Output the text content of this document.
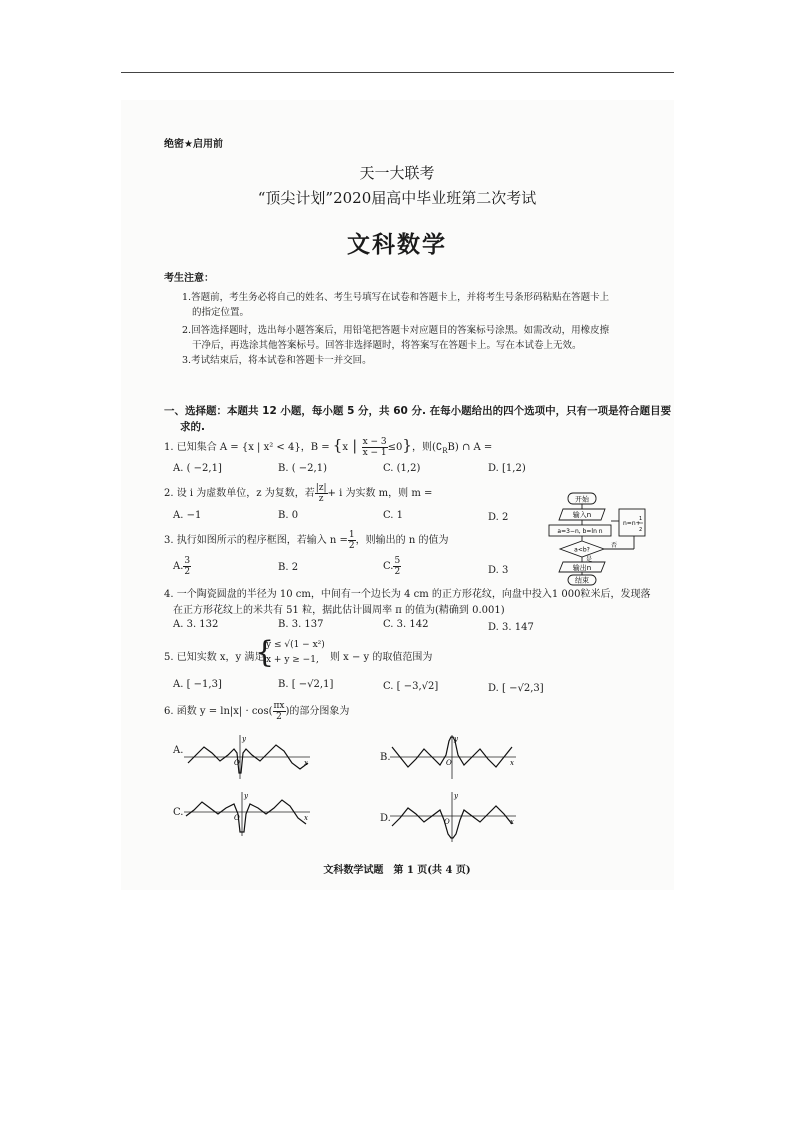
绝密★启用前
天一大联考
“顶尖计划”2020届高中毕业班第二次考试
文科数学
考生注意：
1.答题前，考生务必将自己的姓名、考生号填写在试卷和答题卡上，并将考生号条形码粘贴在答题卡上
的指定位置。
2.回答选择题时，选出每小题答案后，用铅笔把答题卡对应题目的答案标号涂黑。如需改动，用橡皮擦
干净后，再选涂其他答案标号。回答非选择题时，将答案写在答题卡上。写在本试卷上无效。
3.考试结束后，将本试卷和答题卡一并交回。
一、选择题：本题共 12 小题，每小题 5 分，共 60 分. 在每小题给出的四个选项中，只有一项是符合题目要
求的.
1. 已知集合 A = {x | x² < 4}，B = {x | $\frac{x - 3}{x - 1} \le 0$}，则$(∁_RB)$ ∩ A =
A. ( −2,1]	B. ( −2,1)	C. (1,2)	D. [1,2)
2. 设 i 为虚数单位，z 为复数，若 $\frac{|z|}{z} + i$ 为实数 m，则 m =
A. −1	B. 0	C. 1	D. 2
3. 执行如图所示的程序框图，若输入 $n = \frac{1}{2}$ ，则输出的 n 的值为
A. $\frac{3}{2}$	B. 2	C. $\frac{5}{2}$	D. 3
开始
输入n
a=3−n, b=ln n
a<b?
n=n+
1
2
否
是
输出n
结束
4. 一个陶瓷圆盘的半径为 10 cm，中间有一个边长为 4 cm 的正方形花纹，向盘中投入1 000粒米后，发现落
在正方形花纹上的米共有 51 粒，据此估计圆周率 π 的值为(精确到 0.001)
A. 3. 132	B. 3. 137	C. 3. 142	D. 3. 147
5. 已知实数 x，y 满足
{
y ≤ √(1 − x²)
x + y ≥ −1, 则 x − y 的取值范围为
A. [ −1,3]	B. [ −√2,1]	C. [ −3,√2]	D. [ −√2,3]
6. 函数 $y = \ln|x| \cdot \cos( \frac{\pi x}{2}$ )的部分图象为
A.
y
x
O	B.
y
x
O
C.
y
x
O	D.
y
x
O
文科数学试题　第 1 页(共 4 页)
